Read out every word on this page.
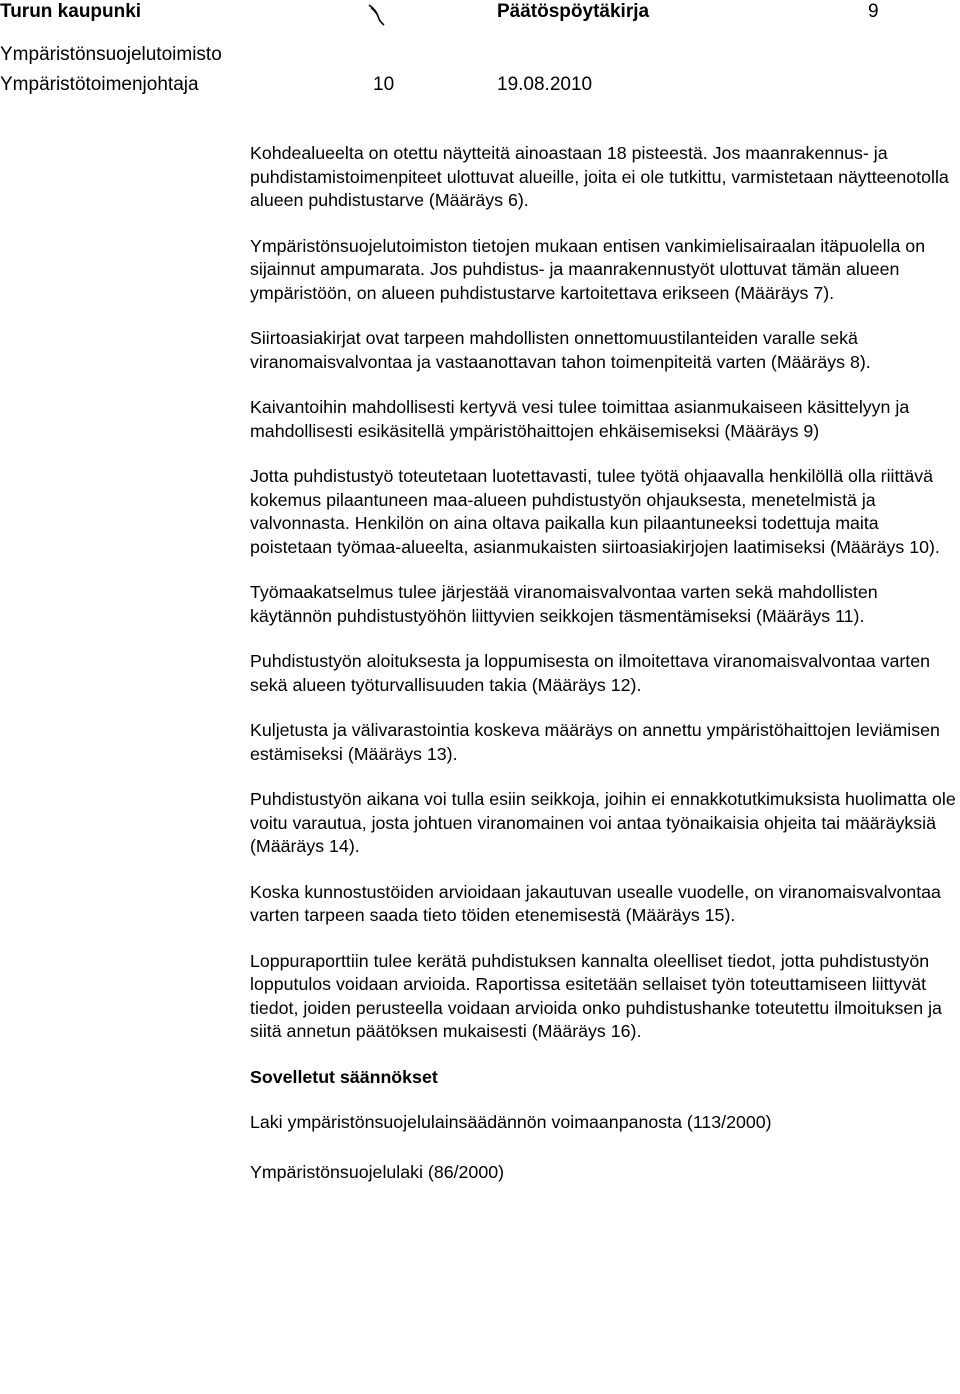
Turun kaupunki	Päätöspöytäkirja	9
Ympäristönsuojelutoimisto
Ympäristötoimenjohtaja	10	19.08.2010

Kohdealueelta on otettu näytteitä ainoastaan 18 pisteestä. Jos maanrakennus- ja puhdistamistoimenpiteet ulottuvat alueille, joita ei ole tutkittu, varmistetaan näytteenotolla alueen puhdistustarve (Määräys 6).

Ympäristönsuojelutoimiston tietojen mukaan entisen vankimielisairaalan itäpuolella on sijainnut ampumarata. Jos puhdistus- ja maanrakennustyöt ulottuvat tämän alueen ympäristöön, on alueen puhdistustarve kartoitettava erikseen (Määräys 7).

Siirtoasiakirjat ovat tarpeen mahdollisten onnettomuustilanteiden varalle sekä viranomaisvalvontaa ja vastaanottavan tahon toimenpiteitä varten (Määräys 8).

Kaivantoihin mahdollisesti kertyvä vesi tulee toimittaa asianmukaiseen käsittelyyn ja mahdollisesti esikäsitellä ympäristöhaittojen ehkäisemiseksi (Määräys 9)

Jotta puhdistustyö toteutetaan luotettavasti, tulee työtä ohjaavalla henkilöllä olla riittävä kokemus pilaantuneen maa-alueen puhdistustyön ohjauksesta, menetelmistä ja valvonnasta. Henkilön on aina oltava paikalla kun pilaantuneeksi todettuja maita poistetaan työmaa-alueelta, asianmukaisten siirtoasiakirjojen laatimiseksi (Määräys 10).

Työmaakatselmus tulee järjestää viranomaisvalvontaa varten sekä mahdollisten käytännön puhdistustyöhön liittyvien seikkojen täsmentämiseksi (Määräys 11).

Puhdistustyön aloituksesta ja loppumisesta on ilmoitettava viranomaisvalvontaa varten sekä alueen työturvallisuuden takia (Määräys 12).

Kuljetusta ja välivarastointia koskeva määräys on annettu ympäristöhaittojen leviämisen estämiseksi (Määräys 13).

Puhdistustyön aikana voi tulla esiin seikkoja, joihin ei ennakkotutkimuksista huolimatta ole voitu varautua, josta johtuen viranomainen voi antaa työnaikaisia ohjeita tai määräyksiä (Määräys 14).

Koska kunnostustöiden arvioidaan jakautuvan usealle vuodelle, on viranomaisvalvontaa varten tarpeen saada tieto töiden etenemisestä (Määräys 15).

Loppuraporttiin tulee kerätä puhdistuksen kannalta oleelliset tiedot, jotta puhdistustyön lopputulos voidaan arvioida. Raportissa esitetään sellaiset työn toteuttamiseen liittyvät tiedot, joiden perusteella voidaan arvioida onko puhdistushanke toteutettu ilmoituksen ja siitä annetun päätöksen mukaisesti (Määräys 16).

Sovelletut säännökset

Laki ympäristönsuojelulainsäädännön voimaanpanosta (113/2000)

Ympäristönsuojelulaki (86/2000)
